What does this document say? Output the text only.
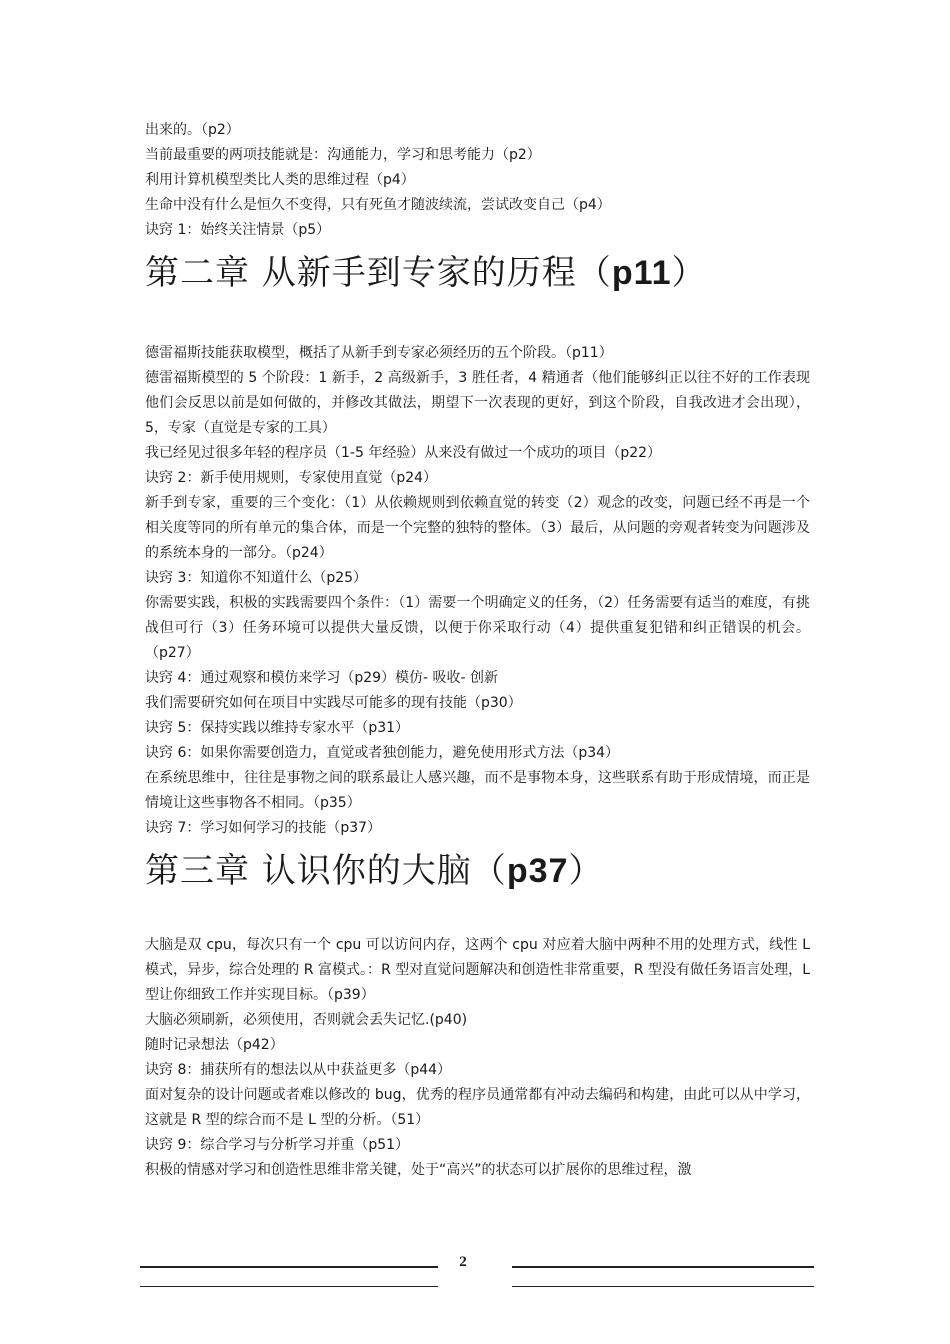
出来的。（p2）

当前最重要的两项技能就是：沟通能力，学习和思考能力（p2）

利用计算机模型类比人类的思维过程（p4）

生命中没有什么是恒久不变得，只有死鱼才随波续流，尝试改变自己（p4）

诀窍 1：始终关注情景（p5）

第二章 从新手到专家的历程（p11）

德雷福斯技能获取模型，概括了从新手到专家必须经历的五个阶段。（p11）

德雷福斯模型的 5 个阶段：1 新手，2 高级新手，3 胜任者，4 精通者（他们能够纠正以往不好的工作表现他们会反思以前是如何做的，并修改其做法，期望下一次表现的更好，到这个阶段，自我改进才会出现），5，专家（直觉是专家的工具）

我已经见过很多年轻的程序员（1-5 年经验）从来没有做过一个成功的项目（p22）

诀窍 2：新手使用规则，专家使用直觉（p24）

新手到专家，重要的三个变化：（1）从依赖规则到依赖直觉的转变（2）观念的改变，问题已经不再是一个相关度等同的所有单元的集合体，而是一个完整的独特的整体。（3）最后，从问题的旁观者转变为问题涉及的系统本身的一部分。（p24）

诀窍 3：知道你不知道什么（p25）

你需要实践，积极的实践需要四个条件：（1）需要一个明确定义的任务，（2）任务需要有适当的难度，有挑战但可行（3）任务环境可以提供大量反馈，以便于你采取行动（4）提供重复犯错和纠正错误的机会。（p27）

诀窍 4：通过观察和模仿来学习（p29）模仿- 吸收- 创新

我们需要研究如何在项目中实践尽可能多的现有技能（p30）

诀窍 5：保持实践以维持专家水平（p31）

诀窍 6：如果你需要创造力，直觉或者独创能力，避免使用形式方法（p34）

在系统思维中，往往是事物之间的联系最让人感兴趣，而不是事物本身，这些联系有助于形成情境，而正是情境让这些事物各不相同。（p35）

诀窍 7：学习如何学习的技能（p37）

第三章 认识你的大脑（p37）

大脑是双 cpu，每次只有一个 cpu 可以访问内存，这两个 cpu 对应着大脑中两种不用的处理方式，线性 L 模式，异步，综合处理的 R 富模式。：R 型对直觉问题解决和创造性非常重要，R 型没有做任务语言处理，L 型让你细致工作并实现目标。（p39）

大脑必须刷新，必须使用，否则就会丢失记忆.(p40)

随时记录想法（p42）

诀窍 8：捕获所有的想法以从中获益更多（p44）

面对复杂的设计问题或者难以修改的 bug，优秀的程序员通常都有冲动去编码和构建，由此可以从中学习，这就是 R 型的综合而不是 L 型的分析。（51）

诀窍 9：综合学习与分析学习并重（p51）

积极的情感对学习和创造性思维非常关键，处于“高兴”的状态可以扩展你的思维过程，激

2
